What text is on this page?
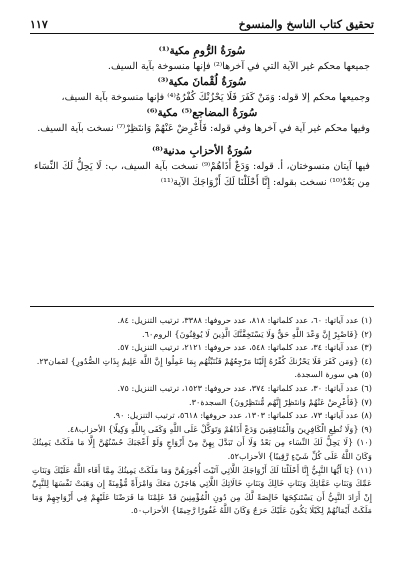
تحقيق كتاب الناسخ والمنسوخ
١١٧
سُورَةُ الرُّومِ مكية⁽¹⁾

جميعها محكم غير الآية التي في آخرها⁽²⁾ فإنها منسوخة بآية السيف.

سُورَةُ لُقْمانَ مكية⁽³⁾

وجميعها محكم إلا قوله: وَمَنْ كَفَرَ فَلَا يَحْزُنْكَ كُفْرُهُ⁽⁴⁾ فإنها منسوخة بآية السيف،

سُورَةُ المضاجع⁽⁵⁾ مكية⁽⁶⁾

وفيها محكم غير آية في آخرها وفي قوله: فَأَعْرِضْ عَنْهُمْ وَانتَظِرْ⁽⁷⁾ نسخت بآية السيف.

سُورَةُ الأحزابِ مدنية⁽⁸⁾

فيها آيتان منسوختان، أ. قوله: وَدَعْ أَذَاهُمْ⁽⁹⁾ نسخت بآية السيف، ب: لَا يَحِلُّ لَكَ النِّسَاء مِن بَعْدُ⁽¹⁰⁾ نسخت بقوله: إِنَّا أَحْلَلْنَا لَكَ أَزْوَاجَكَ الآية⁽¹¹⁾

(١) عدد آياتها: ٦٠، عدد كلماتها: ٨١٨، عدد حروفها: ٣٣٨٨، ترتيب التنزيل: ٨٤.

(٢) {فَاصْبِرْ إِنَّ وَعْدَ اللَّهِ حَقٌّ وَلَا يَسْتَخِفَّنَّكَ الَّذِينَ لَا يُوقِنُونَ} الروم٦٠.

(٣) عدد آياتها: ٣٤، عدد كلماتها: ٥٤٨، عدد حروفها: ٢١٢١، ترتيب التنزيل: ٥٧.

(٤) {وَمَن كَفَرَ فَلَا يَحْزُنكَ كُفْرُهُ إِلَيْنَا مَرْجِعُهُمْ فَنُنَبِّئُهُم بِمَا عَمِلُوا إِنَّ اللَّهَ عَلِيمٌ بِذَاتِ الصُّدُورِ} لقمان٢٣.

(٥) هي سورة السجدة.

(٦) عدد آياتها: ٣٠، عدد كلماتها: ٣٧٤، عدد حروفها: ١٥٢٣، ترتيب التنزيل: ٧٥.

(٧) {فَأَعْرِضْ عَنْهُمْ وَانتَظِرْ إِنَّهُم مُّنتَظِرُونَ} السجدة٣٠.

(٨) عدد آياتها: ٧٣، عدد كلماتها: ١٣٠٣، عدد حروفها: ٥٦١٨، ترتيب التنزيل: ٩٠.

(٩) {وَلَا تُطِعِ الْكَافِرِينَ وَالْمُنَافِقِينَ وَدَعْ أَذَاهُمْ وَتَوَكَّلْ عَلَى اللَّهِ وَكَفَى بِاللَّهِ وَكِيلًا} الأحزاب٤٨.

(١٠) {لَا يَحِلُّ لَكَ النِّسَاء مِن بَعْدُ وَلَا أَن تَبَدَّلَ بِهِنَّ مِنْ أَزْوَاجٍ وَلَوْ أَعْجَبَكَ حُسْنُهُنَّ إِلَّا مَا مَلَكَتْ يَمِينُكَ وَكَانَ اللَّهُ عَلَى كُلِّ شَيْءٍ رَّقِيبًا} الأحزاب٥٢.

(١١) {يَا أَيُّهَا النَّبِيُّ إِنَّا أَحْلَلْنَا لَكَ أَزْوَاجَكَ اللَّاتِي آتَيْتَ أُجُورَهُنَّ وَمَا مَلَكَتْ يَمِينُكَ مِمَّا أَفَاء اللَّهُ عَلَيْكَ وَبَنَاتِ عَمِّكَ وَبَنَاتِ عَمَّاتِكَ وَبَنَاتِ خَالِكَ وَبَنَاتِ خَالَاتِكَ اللَّاتِي هَاجَرْنَ مَعَكَ وَامْرَأَةً مُّؤْمِنَةً إِن وَهَبَتْ نَفْسَهَا لِلنَّبِيِّ إِنْ أَرَادَ النَّبِيُّ أَن يَسْتَنكِحَهَا خَالِصَةً لَّكَ مِن دُونِ الْمُؤْمِنِينَ قَدْ عَلِمْنَا مَا فَرَضْنَا عَلَيْهِمْ فِي أَزْوَاجِهِمْ وَمَا مَلَكَتْ أَيْمَانُهُمْ لِكَيْلَا يَكُونَ عَلَيْكَ حَرَجٌ وَكَانَ اللَّهُ غَفُورًا رَّحِيمًا} الأحزاب٥٠.
